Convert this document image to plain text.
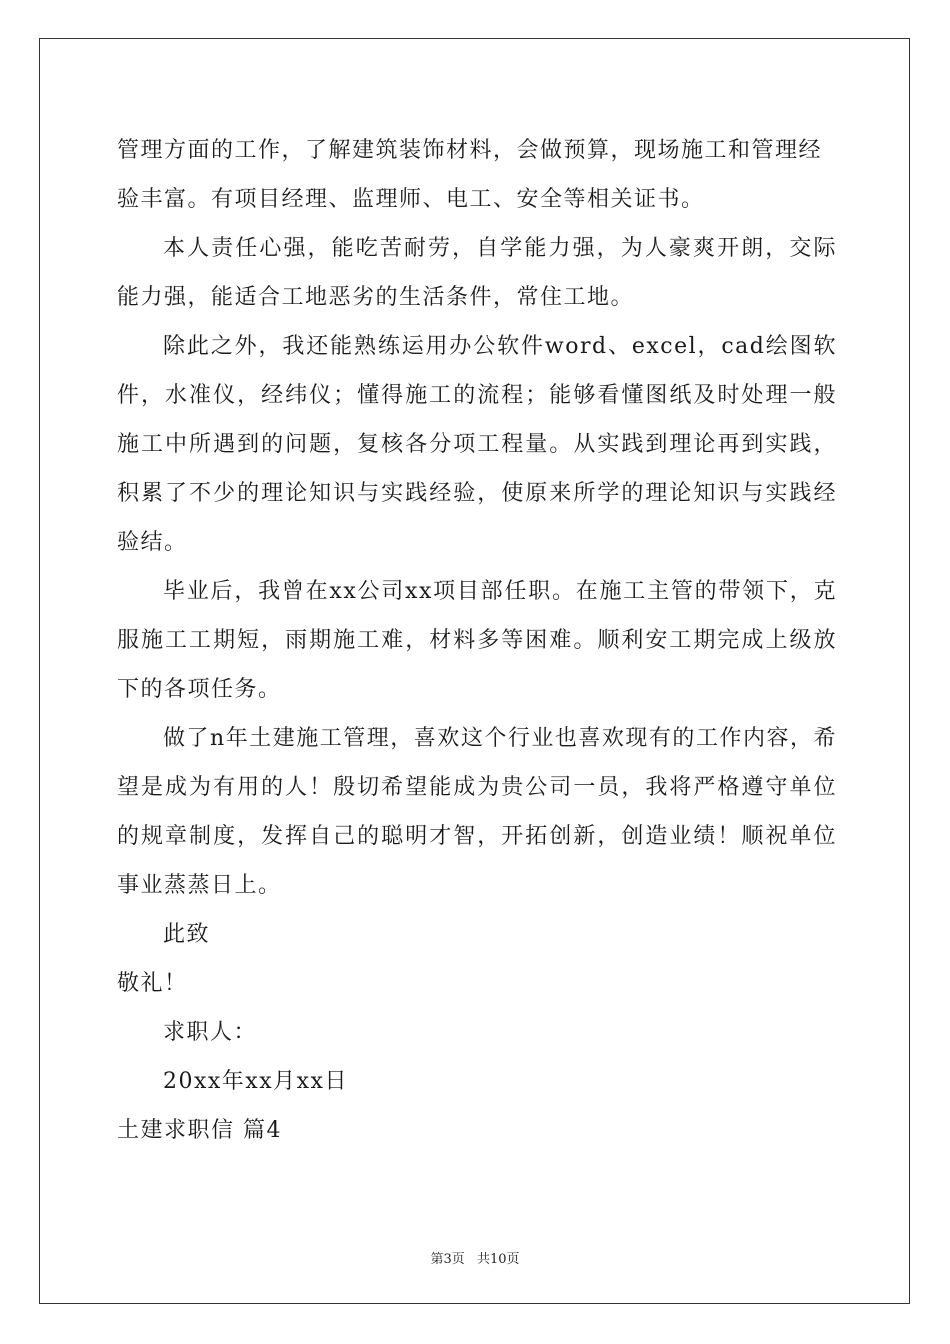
管理方面的工作，了解建筑装饰材料，会做预算，现场施工和管理经

验丰富。有项目经理、监理师、电工、安全等相关证书。

本人责任心强，能吃苦耐劳，自学能力强，为人豪爽开朗，交际能力强，能适合工地恶劣的生活条件，常住工地。

除此之外，我还能熟练运用办公软件word、excel，cad绘图软件，水准仪，经纬仪；懂得施工的流程；能够看懂图纸及时处理一般施工中所遇到的问题，复核各分项工程量。从实践到理论再到实践，积累了不少的理论知识与实践经验，使原来所学的理论知识与实践经验结。

毕业后，我曾在xx公司xx项目部任职。在施工主管的带领下，克服施工工期短，雨期施工难，材料多等困难。顺利安工期完成上级放下的各项任务。

做了n年土建施工管理，喜欢这个行业也喜欢现有的工作内容，希望是成为有用的人！殷切希望能成为贵公司一员，我将严格遵守单位的规章制度，发挥自己的聪明才智，开拓创新，创造业绩！顺祝单位事业蒸蒸日上。

此致

敬礼！

求职人：

20xx年xx月xx日

土建求职信 篇4

第3页 共10页
